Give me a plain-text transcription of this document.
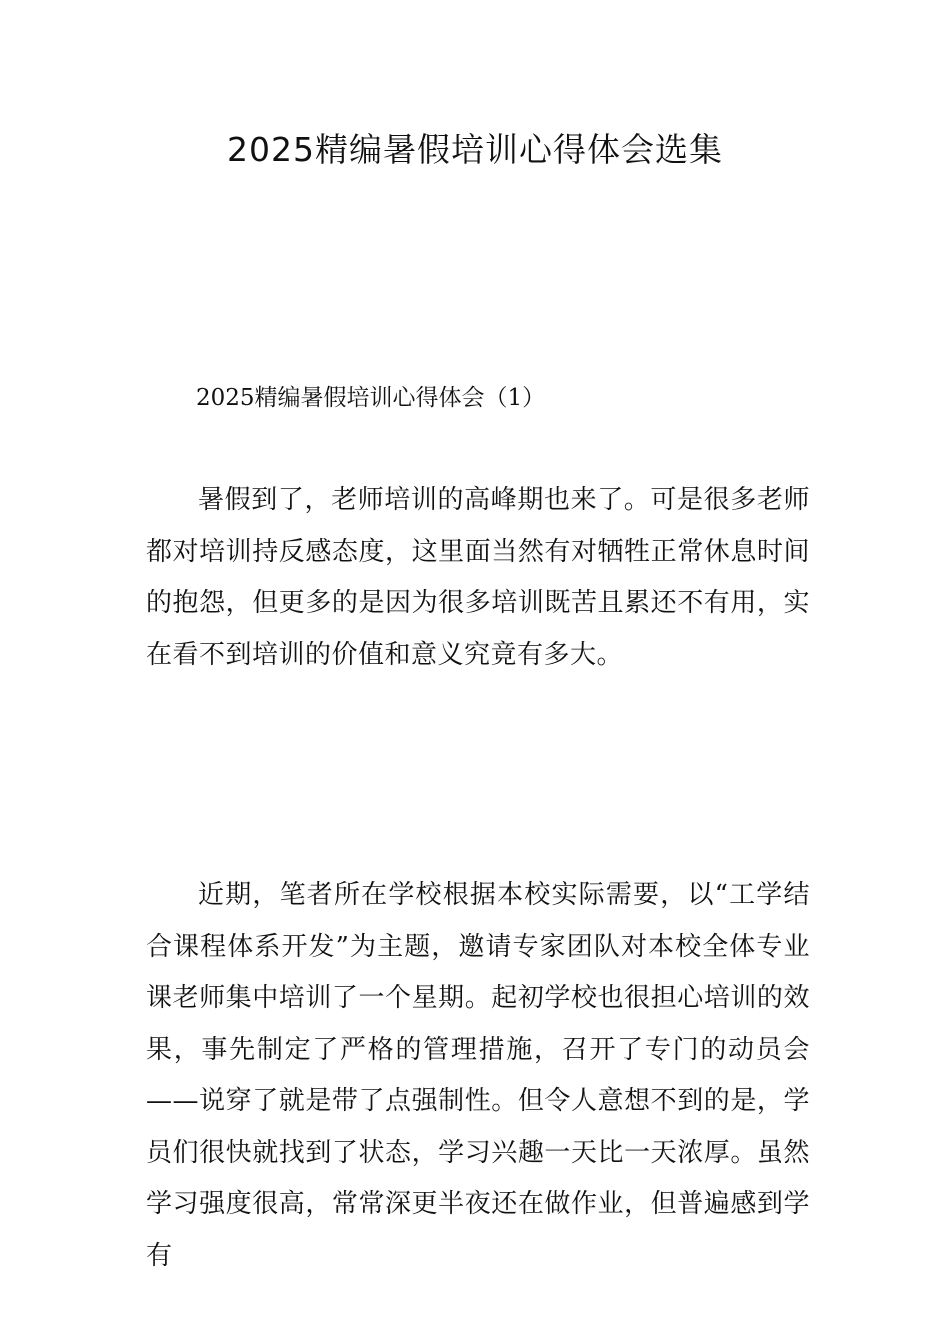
2025精编暑假培训心得体会选集
2025精编暑假培训心得体会（1）

暑假到了，老师培训的高峰期也来了。可是很多老师都对培训持反感态度，这里面当然有对牺牲正常休息时间的抱怨，但更多的是因为很多培训既苦且累还不有用，实在看不到培训的价值和意义究竟有多大。

近期，笔者所在学校根据本校实际需要，以“工学结合课程体系开发”为主题，邀请专家团队对本校全体专业课老师集中培训了一个星期。起初学校也很担心培训的效果，事先制定了严格的管理措施，召开了专门的动员会——说穿了就是带了点强制性。但令人意想不到的是，学员们很快就找到了状态，学习兴趣一天比一天浓厚。虽然学习强度很高，常常深更半夜还在做作业，但普遍感到学有
